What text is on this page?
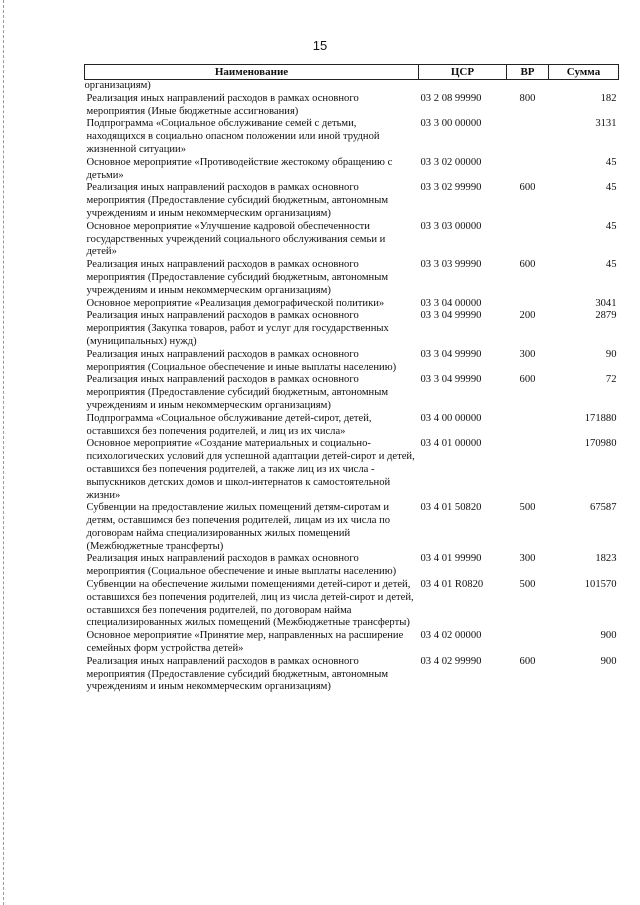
15
Наименование	ЦСР	ВР	Сумма
организациям)			
Реализация иных направлений расходов в рамках основного мероприятия (Иные бюджетные ассигнования)	03 2 08 99990	800	182
Подпрограмма «Социальное обслуживание семей с детьми, находящихся в социально опасном положении или иной трудной жизненной ситуации»	03 3 00 00000		3131
Основное мероприятие «Противодействие жестокому обращению с детьми»	03 3 02 00000		45
Реализация иных направлений расходов в рамках основного мероприятия (Предоставление субсидий бюджетным, автономным учреждениям и иным некоммерческим организациям)	03 3 02 99990	600	45
Основное мероприятие «Улучшение кадровой обеспеченности государственных учреждений социального обслуживания семьи и детей»	03 3 03 00000		45
Реализация иных направлений расходов в рамках основного мероприятия (Предоставление субсидий бюджетным, автономным учреждениям и иным некоммерческим организациям)	03 3 03 99990	600	45
Основное мероприятие «Реализация демографической политики»	03 3 04 00000		3041
Реализация иных направлений расходов в рамках основного мероприятия (Закупка товаров, работ и услуг для государственных (муниципальных) нужд)	03 3 04 99990	200	2879
Реализация иных направлений расходов в рамках основного мероприятия (Социальное обеспечение и иные выплаты населению)	03 3 04 99990	300	90
Реализация иных направлений расходов в рамках основного мероприятия (Предоставление субсидий бюджетным, автономным учреждениям и иным некоммерческим организациям)	03 3 04 99990	600	72
Подпрограмма «Социальное обслуживание детей-сирот, детей, оставшихся без попечения родителей, и лиц из их числа»	03 4 00 00000		171880
Основное мероприятие «Создание материальных и социально-психологических условий для успешной адаптации детей-сирот и детей, оставшихся без попечения родителей, а также лиц из их числа - выпускников детских домов и школ-интернатов к самостоятельной жизни»	03 4 01 00000		170980
Субвенции на предоставление жилых помещений детям-сиротам и детям, оставшимся без попечения родителей, лицам из их числа по договорам найма специализированных жилых помещений (Межбюджетные трансферты)	03 4 01 50820	500	67587
Реализация иных направлений расходов в рамках основного мероприятия (Социальное обеспечение и иные выплаты населению)	03 4 01 99990	300	1823
Субвенции на обеспечение жилыми помещениями детей-сирот и детей, оставшихся без попечения родителей, лиц из числа детей-сирот и детей, оставшихся без попечения родителей, по договорам найма специализированных жилых помещений (Межбюджетные трансферты)	03 4 01 R0820	500	101570
Основное мероприятие «Принятие мер, направленных на расширение семейных форм устройства детей»	03 4 02 00000		900
Реализация иных направлений расходов в рамках основного мероприятия (Предоставление субсидий бюджетным, автономным учреждениям и иным некоммерческим организациям)	03 4 02 99990	600	900
